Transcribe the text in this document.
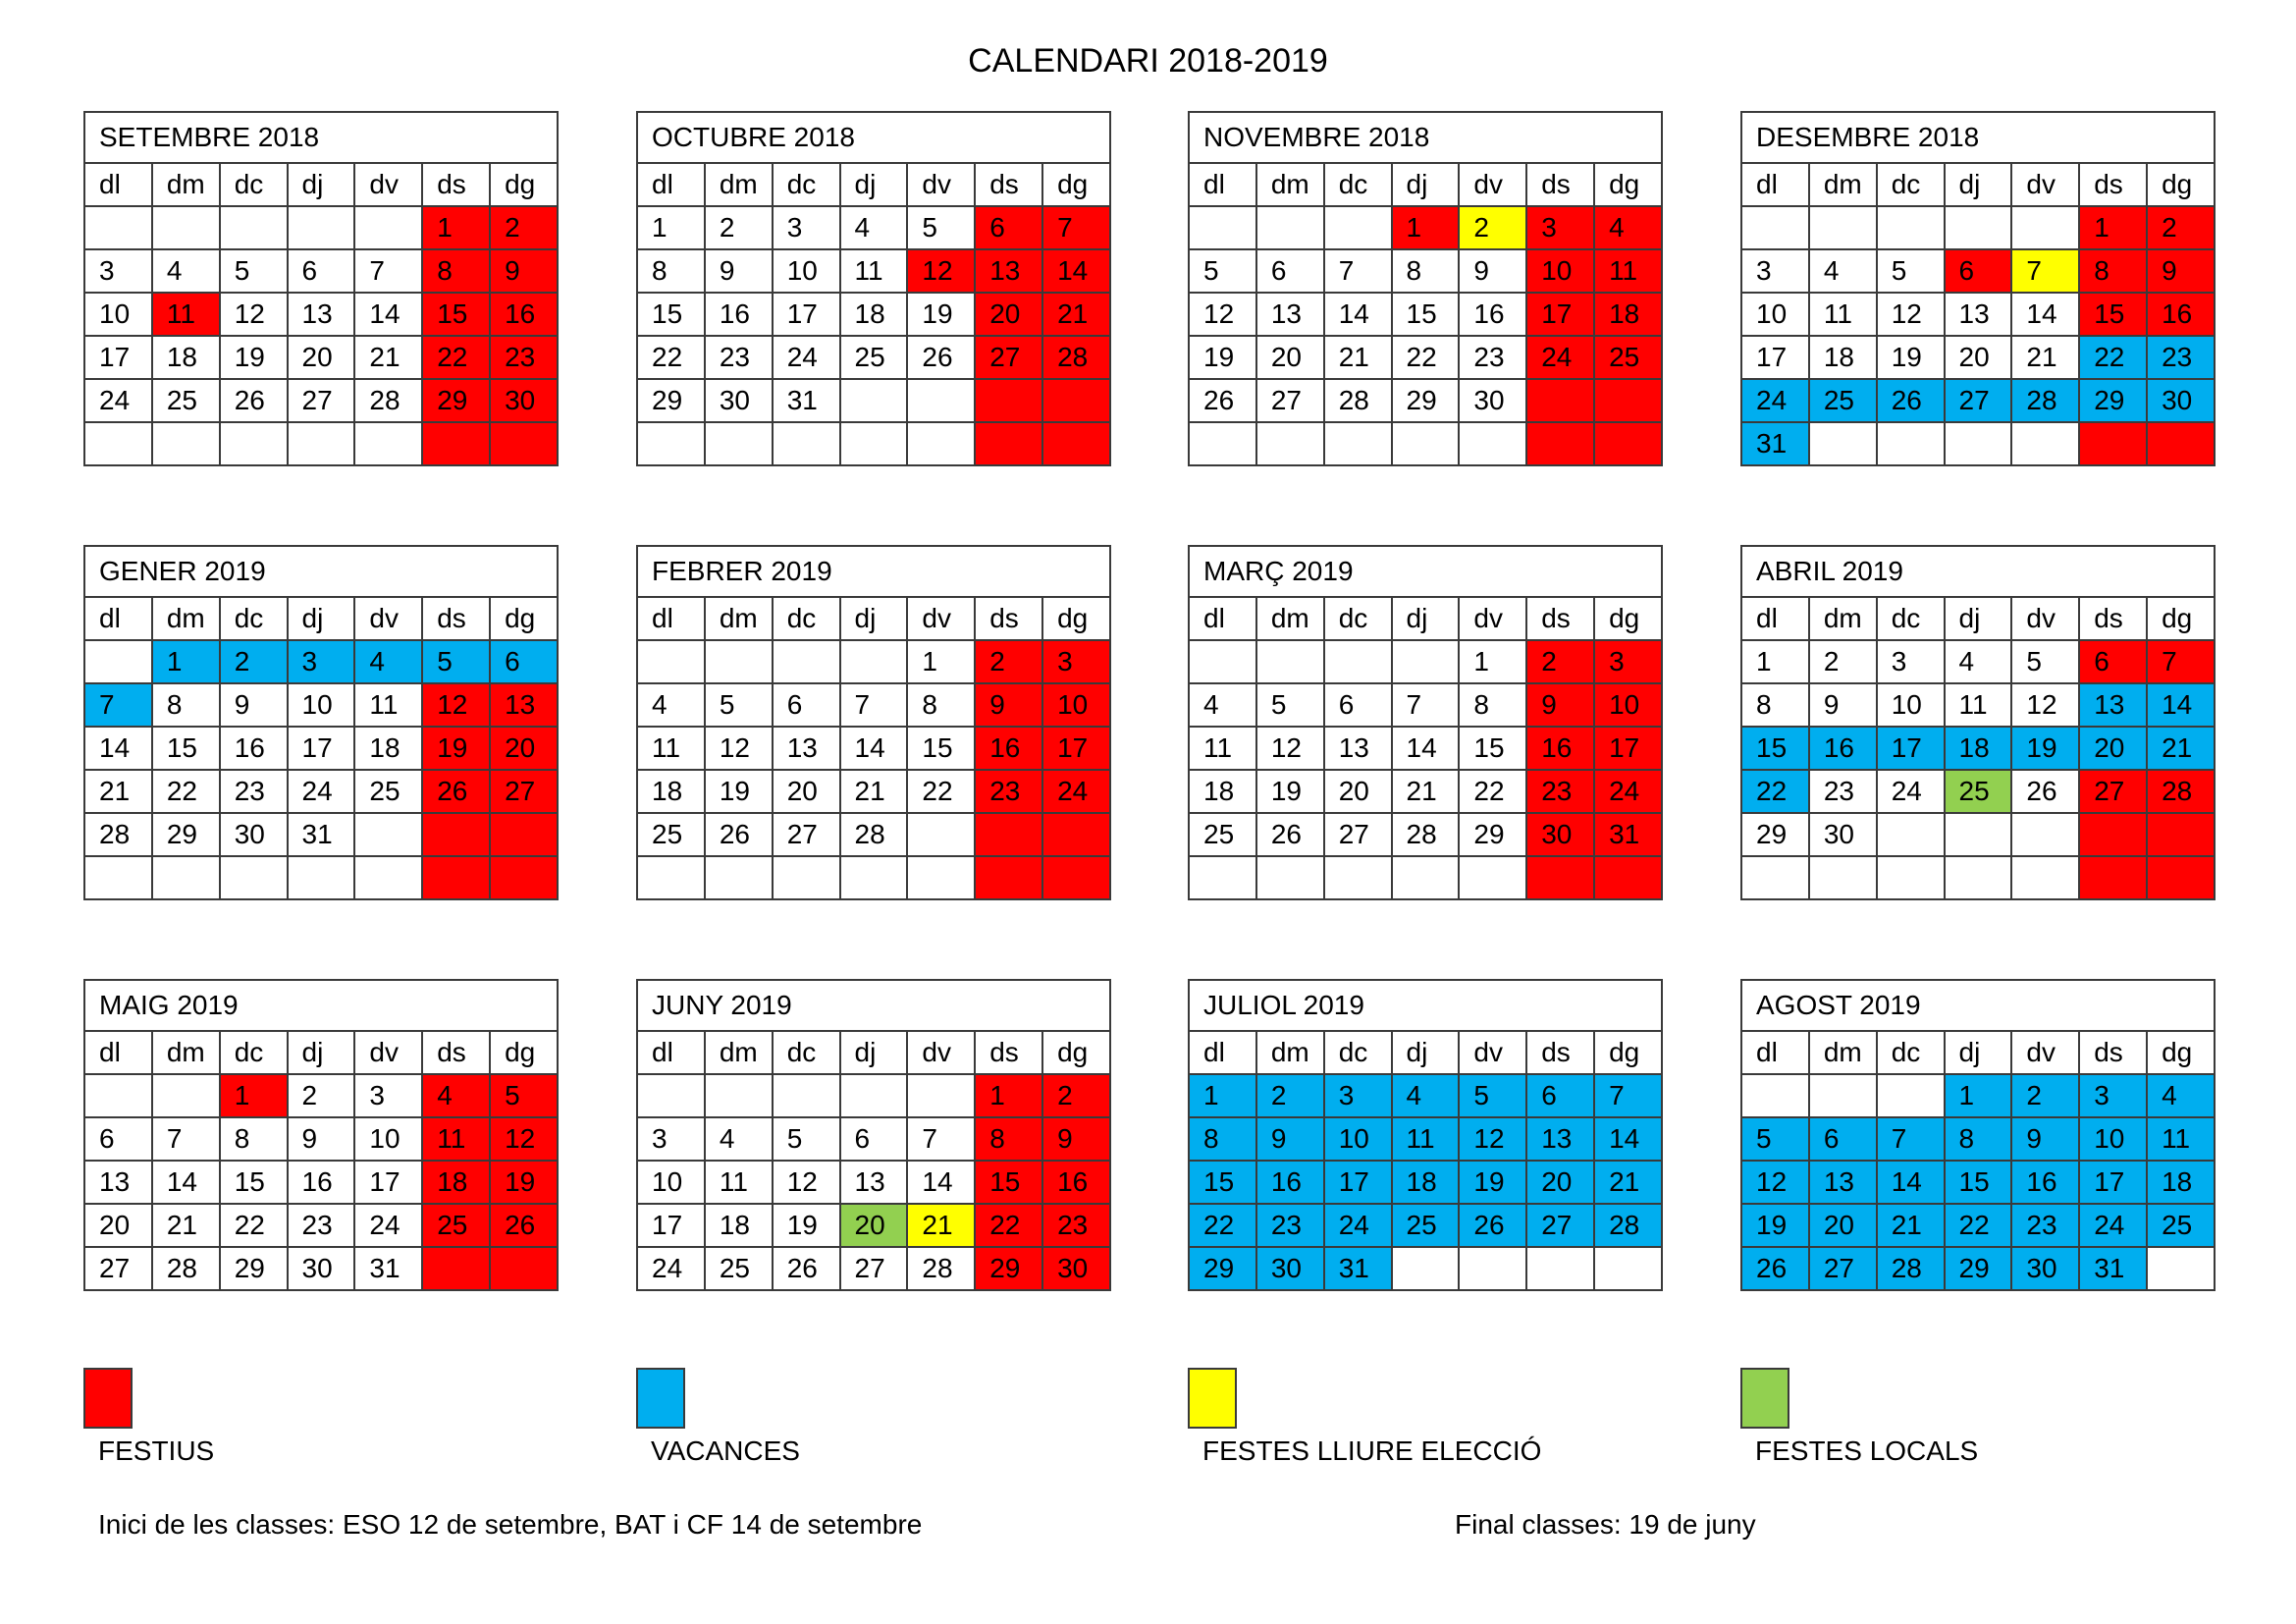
CALENDARI 2018-2019
SETEMBRE 2018						
dl	dm	dc	dj	dv	ds	dg
					1	2
3	4	5	6	7	8	9
10	11	12	13	14	15	16
17	18	19	20	21	22	23
24	25	26	27	28	29	30

OCTUBRE 2018						
dl	dm	dc	dj	dv	ds	dg
1	2	3	4	5	6	7
8	9	10	11	12	13	14
15	16	17	18	19	20	21
22	23	24	25	26	27	28
29	30	31				

NOVEMBRE 2018						
dl	dm	dc	dj	dv	ds	dg
			1	2	3	4
5	6	7	8	9	10	11
12	13	14	15	16	17	18
19	20	21	22	23	24	25
26	27	28	29	30		

DESEMBRE 2018						
dl	dm	dc	dj	dv	ds	dg
					1	2
3	4	5	6	7	8	9
10	11	12	13	14	15	16
17	18	19	20	21	22	23
24	25	26	27	28	29	30
31						
GENER 2019						
dl	dm	dc	dj	dv	ds	dg
	1	2	3	4	5	6
7	8	9	10	11	12	13
14	15	16	17	18	19	20
21	22	23	24	25	26	27
28	29	30	31			

FEBRER 2019						
dl	dm	dc	dj	dv	ds	dg
				1	2	3
4	5	6	7	8	9	10
11	12	13	14	15	16	17
18	19	20	21	22	23	24
25	26	27	28			

MARÇ 2019						
dl	dm	dc	dj	dv	ds	dg
				1	2	3
4	5	6	7	8	9	10
11	12	13	14	15	16	17
18	19	20	21	22	23	24
25	26	27	28	29	30	31

ABRIL 2019						
dl	dm	dc	dj	dv	ds	dg
1	2	3	4	5	6	7
8	9	10	11	12	13	14
15	16	17	18	19	20	21
22	23	24	25	26	27	28
29	30					

MAIG 2019						
dl	dm	dc	dj	dv	ds	dg
		1	2	3	4	5
6	7	8	9	10	11	12
13	14	15	16	17	18	19
20	21	22	23	24	25	26
27	28	29	30	31		
JUNY 2019						
dl	dm	dc	dj	dv	ds	dg
					1	2
3	4	5	6	7	8	9
10	11	12	13	14	15	16
17	18	19	20	21	22	23
24	25	26	27	28	29	30
JULIOL 2019						
dl	dm	dc	dj	dv	ds	dg
1	2	3	4	5	6	7
8	9	10	11	12	13	14
15	16	17	18	19	20	21
22	23	24	25	26	27	28
29	30	31				
AGOST 2019						
dl	dm	dc	dj	dv	ds	dg
			1	2	3	4
5	6	7	8	9	10	11
12	13	14	15	16	17	18
19	20	21	22	23	24	25
26	27	28	29	30	31	
FESTIUS	VACANCES	FESTES LLIURE ELECCIÓ	FESTES LOCALS
Inici de les classes: ESO 12 de setembre, BAT i CF 14 de setembre	Final classes: 19 de juny
